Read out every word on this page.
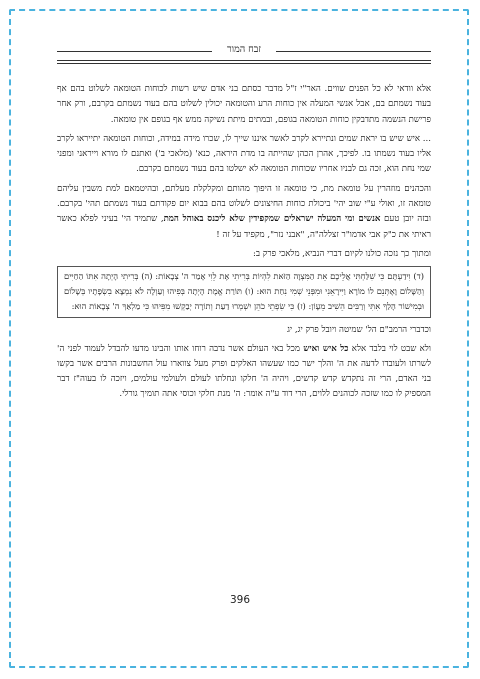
זבח המור

אלא וודאי לא כל הפנים שווים. האר"י ז"ל מדבר כסתם בני אדם שיש רשות לכוחות הטומאה לשלוט בהם אף בעוד נשמתם בם, אבל אנשי המעלה אין כוחות הרע והטומאה יכולין לשלוט בהם בעוד נשמתם בקרבם, ורק אחר פרישת הנשמה מתדבקין כוחות הטומאה בגופם, ובמתים מיתת נשיקה ממש אף בגופם אין טומאה.

... איש שיש בו יראת שמים ונתיירא לקרב לאשר איננו שייך לו, שכרו מידה במידה, וכוחות הטומאה יתייראו לקרב אליו בעוד נשמתו בו. לפיכך, אהרן הכהן שהייתה בו מדת היראה, כנא' (מלאכי ב') ואתנם לו מורא וייראני ומפני שמי נחת הוא, זכה גם לבניו אחריו שכוחות הטומאה לא ישלטו בהם בעוד נשמתם בקרבם.

והכהנים מוזהרין על טומאת מת, כי טומאה זו היפוך מהותם ומקלקלת מעלתם, ובהיטמאם למת משבין עליהם טומאה זו, ואולי ע"י שוב יהי' ביכולת כוחות החיצונים לשלוט בהם בבוא יום פקודתם בעוד נשמתם תהי' בקרבם. ובזה יובן טעם אנשים ומי המעלה ישראלים שמקפידין שלא ליכנס באוהל המת, שתמיד הי' בעיני לפלא כאשר ראיתי את כ"ק אבי אדמו"ר זצללה"ה, "אבני נזר", מקפיד על זה !

ומתוך כך נזכה כולנו לקיום דברי הנביא, מלאכי פרק ב:

(ד) וִידַעְתֶּם כִּי שִׁלַּחְתִּי אֲלֵיכֶם אֵת הַמִּצְוָה הַזֹּאת לִהְיוֹת בְּרִיתִי אֶת לֵוִי אָמַר ה' צְבָאוֹת: (ה) בְּרִיתִי הָיְתָה אִתּוֹ הַחַיִּים וְהַשָּׁלוֹם וָאֶתְּנֵם לוֹ מוֹרָא וַיִּירָאֵנִי וּמִפְּנֵי שְׁמִי נִחַת הוּא: (ו) תּוֹרַת אֱמֶת הָיְתָה בְּפִיהוּ וְעַוְלָה לֹא נִמְצָא בִשְׂפָתָיו בְּשָׁלוֹם וּבְמִישׁוֹר הָלַךְ אִתִּי וְרַבִּים הֵשִׁיב מֵעָוֹן: (ז) כִּי שִׂפְתֵי כֹהֵן יִשְׁמְרוּ דַעַת וְתוֹרָה יְבַקְשׁוּ מִפִּיהוּ כִּי מַלְאַךְ ה' צְבָאוֹת הוּא:

וכדברי הרמב"ם הל' שמיטה ויובל פרק יג, יג

ולא שבט לוי בלבד אלא כל איש ואיש מכל באי העולם אשר נדבה רוחו אותו והבינו מדעו להבדל לעמוד לפני ה' לשרתו ולעובדו לדעה את ה' והלך ישר כמו שעשהו האלקים ופרק מעל צווארו עול החשבונות הרבים אשר בקשו בני האדם, הרי זה נתקדש קדש קדשים, ויהיה ה' חלקו ונחלתו לעולם ולעולמי עולמים, ויזכה לו בעוה"ז דבר המספיק לו כמו שזכה לכוהנים ללוים, הרי דוד ע"ה אומר: ה' מנת חלקי וכוסי אתה תומיך גורלי.

396
